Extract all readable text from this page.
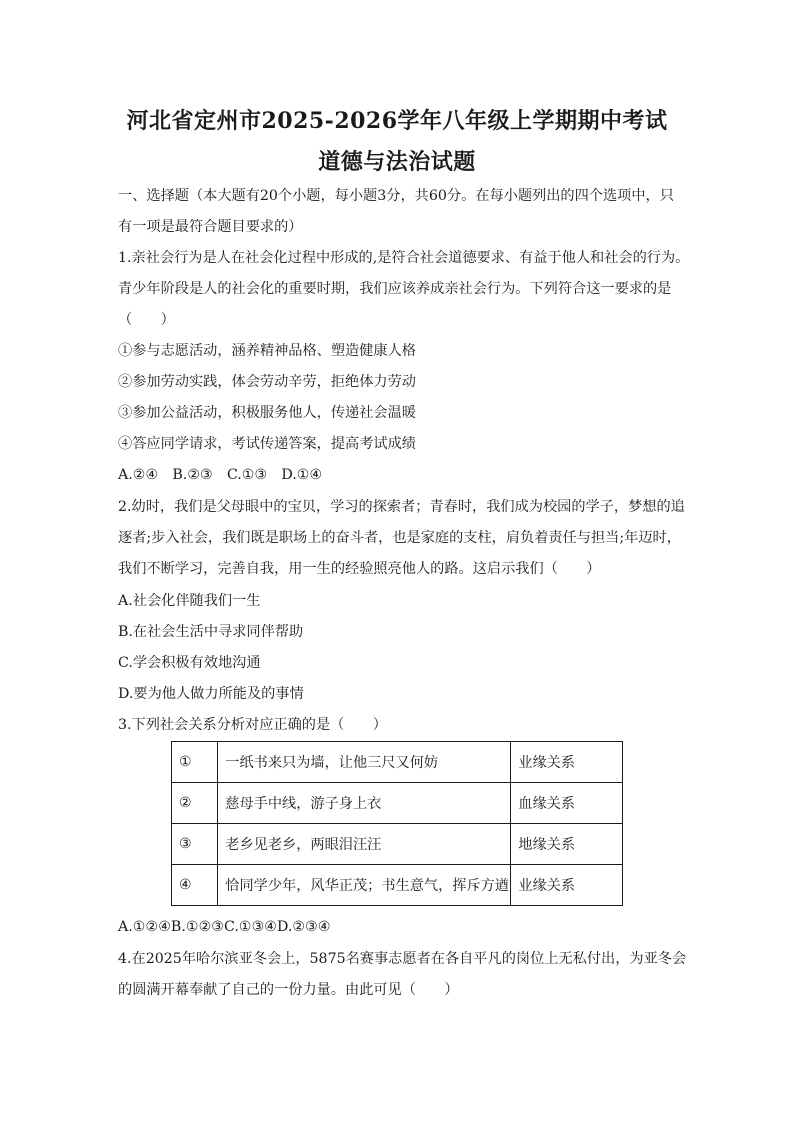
河北省定州市2025-2026学年八年级上学期期中考试
道德与法治试题
一、选择题（本大题有20个小题，每小题3分，共60分。在每小题列出的四个选项中，只
有一项是最符合题目要求的）
1.亲社会行为是人在社会化过程中形成的,是符合社会道德要求、有益于他人和社会的行为。
青少年阶段是人的社会化的重要时期，我们应该养成亲社会行为。下列符合这一要求的是
（　　）
①参与志愿活动，涵养精神品格、塑造健康人格
②参加劳动实践，体会劳动辛劳，拒绝体力劳动
③参加公益活动，积极服务他人，传递社会温暖
④答应同学请求，考试传递答案，提高考试成绩
A.②④　B.②③　C.①③　D.①④
2.幼时，我们是父母眼中的宝贝，学习的探索者；青春时，我们成为校园的学子，梦想的追
逐者;步入社会，我们既是职场上的奋斗者，也是家庭的支柱，肩负着责任与担当;年迈时，
我们不断学习，完善自我，用一生的经验照亮他人的路。这启示我们（　　）
A.社会化伴随我们一生
B.在社会生活中寻求同伴帮助
C.学会积极有效地沟通
D.要为他人做力所能及的事情
3.下列社会关系分析对应正确的是（　　）
①	一纸书来只为墙，让他三尺又何妨	业缘关系
②	慈母手中线，游子身上衣	血缘关系
③	老乡见老乡，两眼泪汪汪	地缘关系
④	恰同学少年，风华正茂；书生意气，挥斥方遒	业缘关系
A.①②④B.①②③C.①③④D.②③④
4.在2025年哈尔滨亚冬会上，5875名赛事志愿者在各自平凡的岗位上无私付出，为亚冬会
的圆满开幕奉献了自己的一份力量。由此可见（　　）
